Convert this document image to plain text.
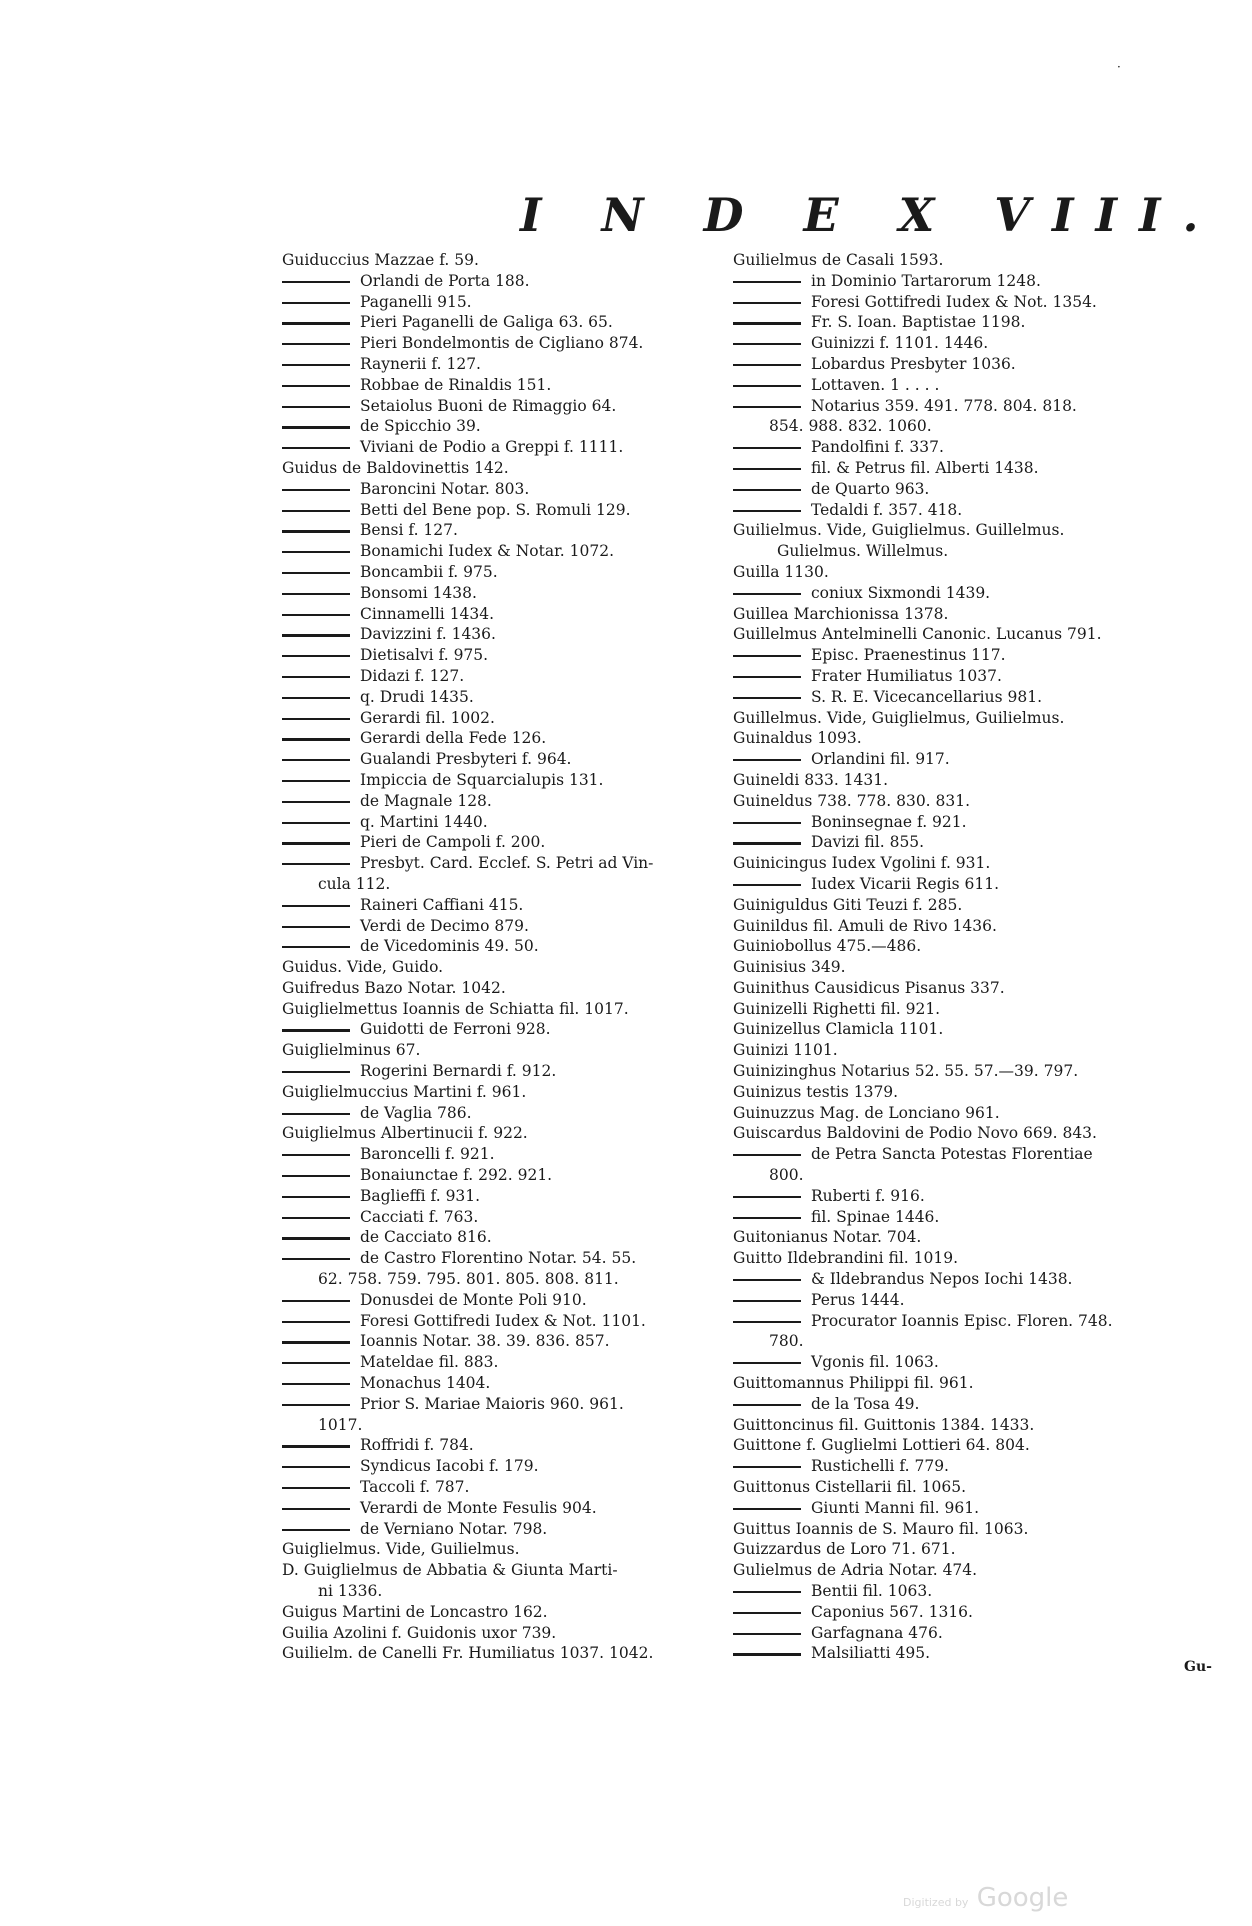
·
I N D E X VIII.
Guiduccius Mazzae f. 59.
Orlandi de Porta 188.
Paganelli 915.
Pieri Paganelli de Galiga 63. 65.
Pieri Bondelmontis de Cigliano 874.
Raynerii f. 127.
Robbae de Rinaldis 151.
Setaiolus Buoni de Rimaggio 64.
de Spicchio 39.
Viviani de Podio a Greppi f. 1111.
Guidus de Baldovinettis 142.
Baroncini Notar. 803.
Betti del Bene pop. S. Romuli 129.
Bensi f. 127.
Bonamichi Iudex & Notar. 1072.
Boncambii f. 975.
Bonsomi 1438.
Cinnamelli 1434.
Davizzini f. 1436.
Dietisalvi f. 975.
Didazi f. 127.
q. Drudi 1435.
Gerardi fil. 1002.
Gerardi della Fede 126.
Gualandi Presbyteri f. 964.
Impiccia de Squarcialupis 131.
de Magnale 128.
q. Martini 1440.
Pieri de Campoli f. 200.
Presbyt. Card. Ecclef. S. Petri ad Vin-
cula 112.
Raineri Caffiani 415.
Verdi de Decimo 879.
de Vicedominis 49. 50.
Guidus. Vide, Guido.
Guifredus Bazo Notar. 1042.
Guiglielmettus Ioannis de Schiatta fil. 1017.
Guidotti de Ferroni 928.
Guiglielminus 67.
Rogerini Bernardi f. 912.
Guiglielmuccius Martini f. 961.
de Vaglia 786.
Guiglielmus Albertinucii f. 922.
Baroncelli f. 921.
Bonaiunctae f. 292. 921.
Baglieffi f. 931.
Cacciati f. 763.
de Cacciato 816.
de Castro Florentino Notar. 54. 55.
62. 758. 759. 795. 801. 805. 808. 811.
Donusdei de Monte Poli 910.
Foresi Gottifredi Iudex & Not. 1101.
Ioannis Notar. 38. 39. 836. 857.
Mateldae fil. 883.
Monachus 1404.
Prior S. Mariae Maioris 960. 961.
1017.
Roffridi f. 784.
Syndicus Iacobi f. 179.
Taccoli f. 787.
Verardi de Monte Fesulis 904.
de Verniano Notar. 798.
Guiglielmus. Vide, Guilielmus.
D. Guiglielmus de Abbatia & Giunta Marti-
ni 1336.
Guigus Martini de Loncastro 162.
Guilia Azolini f. Guidonis uxor 739.
Guilielm. de Canelli Fr. Humiliatus 1037. 1042.
Guilielmus de Casali 1593.
in Dominio Tartarorum 1248.
Foresi Gottifredi Iudex & Not. 1354.
Fr. S. Ioan. Baptistae 1198.
Guinizzi f. 1101. 1446.
Lobardus Presbyter 1036.
Lottaven. 1 . . . .
Notarius 359. 491. 778. 804. 818.
854. 988. 832. 1060.
Pandolfini f. 337.
fil. & Petrus fil. Alberti 1438.
de Quarto 963.
Tedaldi f. 357. 418.
Guilielmus. Vide, Guiglielmus. Guillelmus.
Gulielmus. Willelmus.
Guilla 1130.
coniux Sixmondi 1439.
Guillea Marchionissa 1378.
Guillelmus Antelminelli Canonic. Lucanus 791.
Episc. Praenestinus 117.
Frater Humiliatus 1037.
S. R. E. Vicecancellarius 981.
Guillelmus. Vide, Guiglielmus, Guilielmus.
Guinaldus 1093.
Orlandini fil. 917.
Guineldi 833. 1431.
Guineldus 738. 778. 830. 831.
Boninsegnae f. 921.
Davizi fil. 855.
Guinicingus Iudex Vgolini f. 931.
Iudex Vicarii Regis 611.
Guiniguldus Giti Teuzi f. 285.
Guinildus fil. Amuli de Rivo 1436.
Guiniobollus 475.—486.
Guinisius 349.
Guinithus Causidicus Pisanus 337.
Guinizelli Righetti fil. 921.
Guinizellus Clamicla 1101.
Guinizi 1101.
Guinizinghus Notarius 52. 55. 57.—39. 797.
Guinizus testis 1379.
Guinuzzus Mag. de Lonciano 961.
Guiscardus Baldovini de Podio Novo 669. 843.
de Petra Sancta Potestas Florentiae
800.
Ruberti f. 916.
fil. Spinae 1446.
Guitonianus Notar. 704.
Guitto Ildebrandini fil. 1019.
& Ildebrandus Nepos Iochi 1438.
Perus 1444.
Procurator Ioannis Episc. Floren. 748.
780.
Vgonis fil. 1063.
Guittomannus Philippi fil. 961.
de la Tosa 49.
Guittoncinus fil. Guittonis 1384. 1433.
Guittone f. Guglielmi Lottieri 64. 804.
Rustichelli f. 779.
Guittonus Cistellarii fil. 1065.
Giunti Manni fil. 961.
Guittus Ioannis de S. Mauro fil. 1063.
Guizzardus de Loro 71. 671.
Gulielmus de Adria Notar. 474.
Bentii fil. 1063.
Caponius 567. 1316.
Garfagnana 476.
Malsiliatti 495.
Gu-
Digitized by Google
